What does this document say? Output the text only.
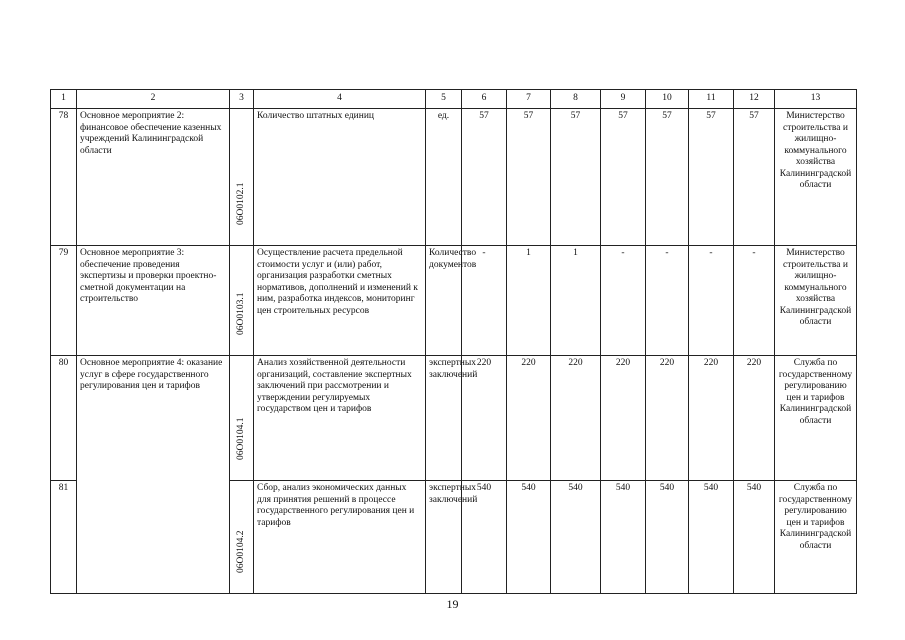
1	2	3	4	5	6	7	8	9	10	11	12	13
78	Основное мероприятие 2: финансовое обеспечение казенных учреждений Калининградской области	06О0102.1	Количество штатных единиц	ед.	57	57	57	57	57	57	57	Министерство строительства и жилищно-коммунального хозяйства Калининградской области
79	Основное мероприятие 3: обеспечение проведения экспертизы и проверки проектно-сметной документации на строительство	06О0103.1	Осуществление расчета предельной стоимости услуг и (или) работ, организация разработки сметных нормативов, дополнений и изменений к ним, разработка индексов, мониторинг цен строительных ресурсов	Количество документов	-	1	1	-	-	-	-	Министерство строительства и жилищно-коммунального хозяйства Калининградской области
80	Основное мероприятие 4: оказание услуг в сфере государственного регулирования цен и тарифов	06О0104.1	Анализ хозяйственной деятельности организаций, составление экспертных заключений при рассмотрении и утверждении регулируемых государством цен и тарифов	экспертных заключений	220	220	220	220	220	220	220	Служба по государственному регулированию цен и тарифов Калининградской области
81		06О0104.2	Сбор, анализ экономических данных для принятия решений в процессе государственного регулирования цен и тарифов	экспертных заключений	540	540	540	540	540	540	540	Служба по государственному регулированию цен и тарифов Калининградской области
19
